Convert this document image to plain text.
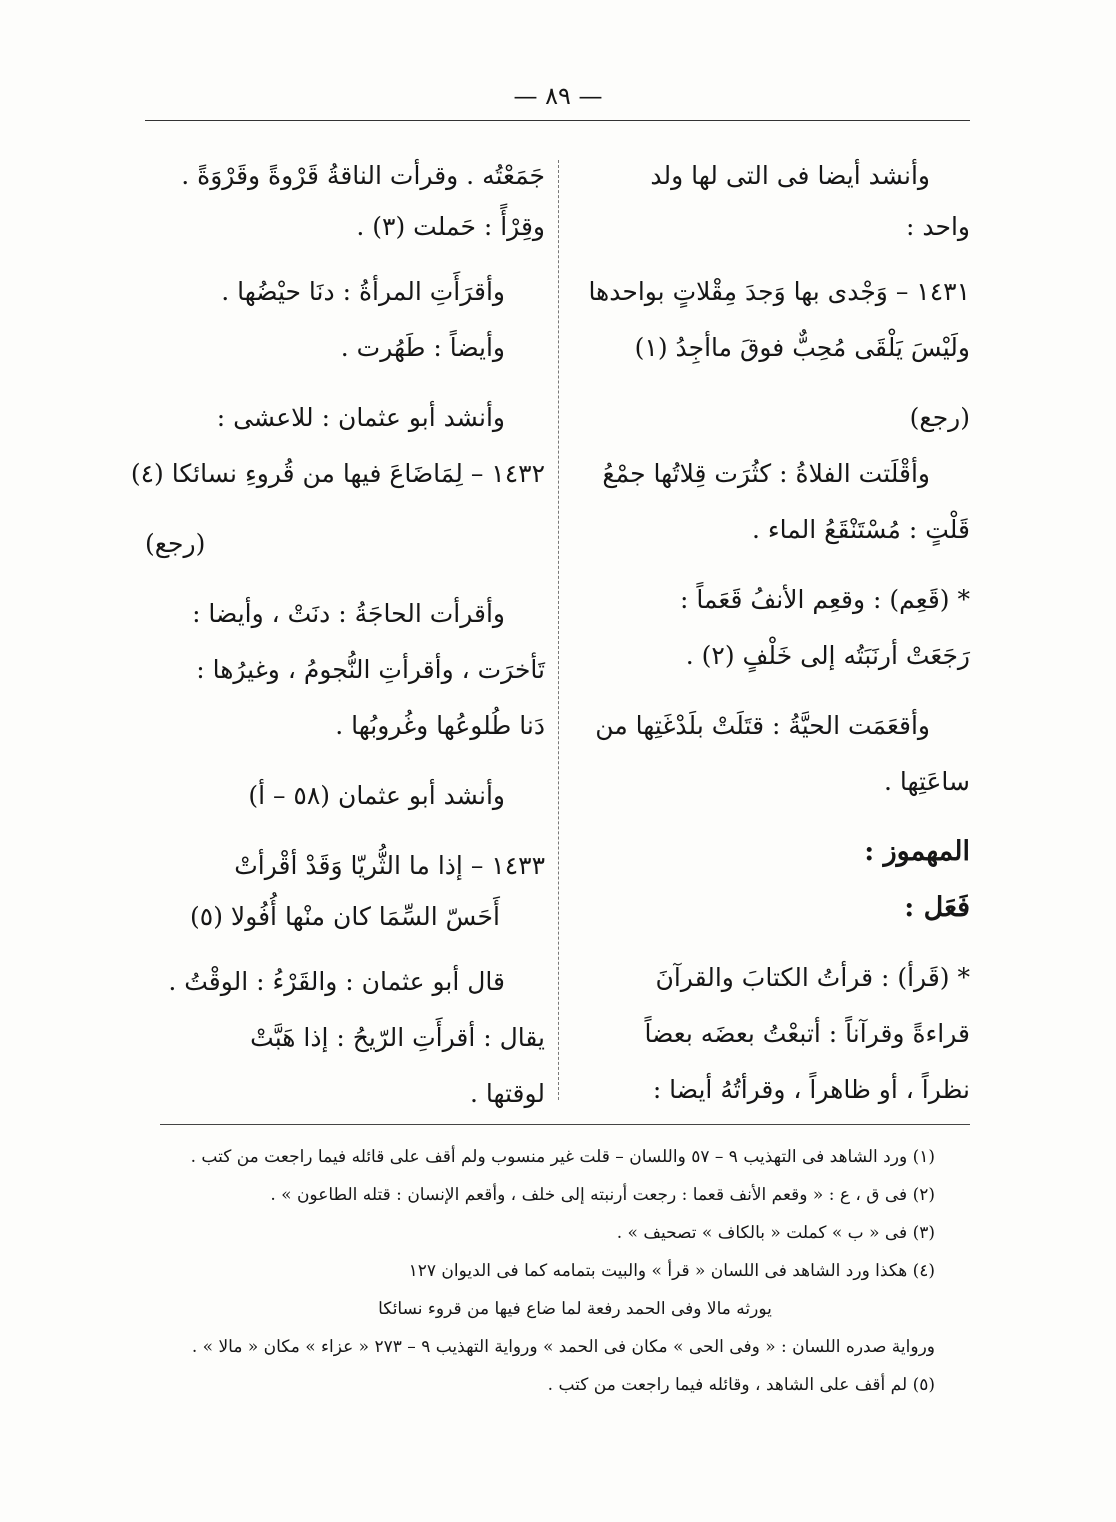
— ٨٩ —
وأنشد أيضا فى التى لها ولد
واحد :
١٤٣١ – وَجْدى بها وَجدَ مِقْلاتٍ بواحدها
ولَيْسَ يَلْقَى مُحِبٌّ فوقَ ماأجِدُ (١)
(رجع)
وأقْلَتت الفلاةُ : كثُرَت قِلاتُها جمْعُ
قَلْتٍ : مُسْتَنْقَعُ الماء .
* (قَعِم) : وقعِم الأنفُ قَعَماً :
رَجَعَتْ أرنَبَتُه إلى خَلْفٍ (٢) .
وأقعَمَت الحيَّةُ : قتَلَتْ بلَدْغَتِها من
ساعَتِها .
المهموز :
فَعَل :
* (قَرأ) : قرأتُ الكتابَ والقرآنَ
قراءةً وقرآناً : أتبعْتُ بعضَه بعضاً
نظراً ، أو ظاهراً ، وقرأتُهُ أيضا :
جَمَعْتُه . وقرأت الناقةُ قَرْوةً وقَرْوَةً .
وقِرْأً : حَملت (٣) .
وأقرَأَتِ المرأةُ : دنَا حيْضُها .
وأيضاً : طَهُرت .
وأنشد أبو عثمان : للاعشى :
١٤٣٢ – لِمَاضَاعَ فيها من قُروءِ نسائكا (٤)
(رجع)
وأقرأت الحاجَةُ : دنَتْ ، وأيضا :
تَأخرَت ، وأقرأتِ النُّجومُ ، وغيرُها :
دَنا طُلوعُها وغُروبُها .
وأنشد أبو عثمان (٥٨ – أ)
١٤٣٣ – إذا ما الثُّريّا وَقَدْ أقْرأتْ
أَحَسّ السِّمَا كان منْها أُفُولا (٥)
قال أبو عثمان : والقَرْءُ : الوقْتُ .
يقال : أقرأَتِ الرّيحُ : إذا هَبَّتْ
لوقتها .
(١) ورد الشاهد فى التهذيب ٩ – ٥٧ واللسان – قلت غير منسوب ولم أقف على قائله فيما راجعت من كتب .
(٢) فى ق ، ع : « وقعم الأنف قعما : رجعت أرنبته إلى خلف ، وأقعم الإنسان : قتله الطاعون » .
(٣) فى « ب » كملت « بالكاف » تصحيف » .
(٤) هكذا ورد الشاهد فى اللسان « قرأ » والبيت بتمامه كما فى الديوان ١٢٧
يورثه مالا وفى الحمد رفعة لما ضاع فيها من قروء نسائكا
ورواية صدره اللسان : « وفى الحى » مكان فى الحمد » ورواية التهذيب ٩ – ٢٧٣ « عزاء » مكان « مالا » .
(٥) لم أقف على الشاهد ، وقائله فيما راجعت من كتب .
